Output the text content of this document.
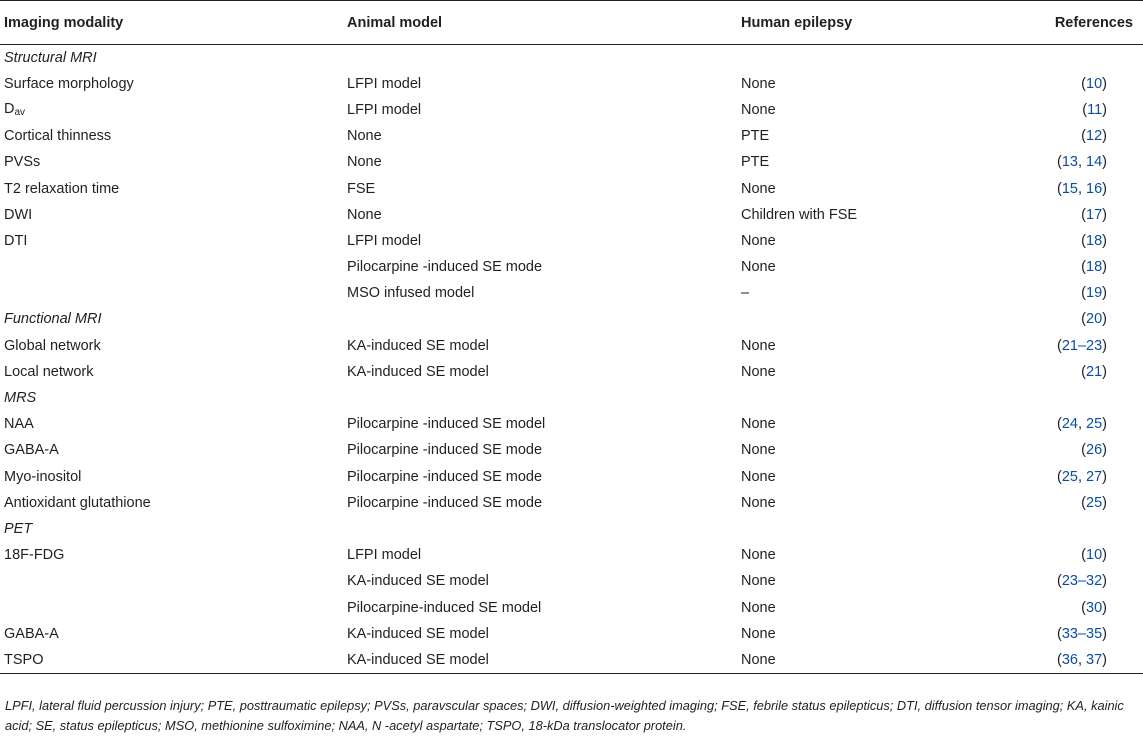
Imaging modality	Animal model	Human epilepsy	References
Structural MRI			
Surface morphology	LFPI model	None	(10)
$D_{av}$	LFPI model	None	(11)
Cortical thinness	None	PTE	(12)
PVSs	None	PTE	(13, 14)
T2 relaxation time	FSE	None	(15, 16)
DWI	None	Children with FSE	(17)
DTI	LFPI model	None	(18)
	Pilocarpine -induced SE mode	None	(18)
	MSO infused model	–	(19)
Functional MRI			(20)
Global network	KA-induced SE model	None	(21–23)
Local network	KA-induced SE model	None	(21)
MRS			
NAA	Pilocarpine -induced SE model	None	(24, 25)
GABA-A	Pilocarpine -induced SE mode	None	(26)
Myo-inositol	Pilocarpine -induced SE mode	None	(25, 27)
Antioxidant glutathione	Pilocarpine -induced SE mode	None	(25)
PET			
18F-FDG	LFPI model	None	(10)
	KA-induced SE model	None	(23–32)
	Pilocarpine-induced SE model	None	(30)
GABA-A	KA-induced SE model	None	(33–35)
TSPO	KA-induced SE model	None	(36, 37)
LPFI, lateral fluid percussion injury; PTE, posttraumatic epilepsy; PVSs, paravscular spaces; DWI, diffusion-weighted imaging; FSE, febrile status epilepticus; DTI, diffusion tensor imaging; KA, kainic acid; SE, status epilepticus; MSO, methionine sulfoximine; NAA, N -acetyl aspartate; TSPO, 18-kDa translocator protein.
